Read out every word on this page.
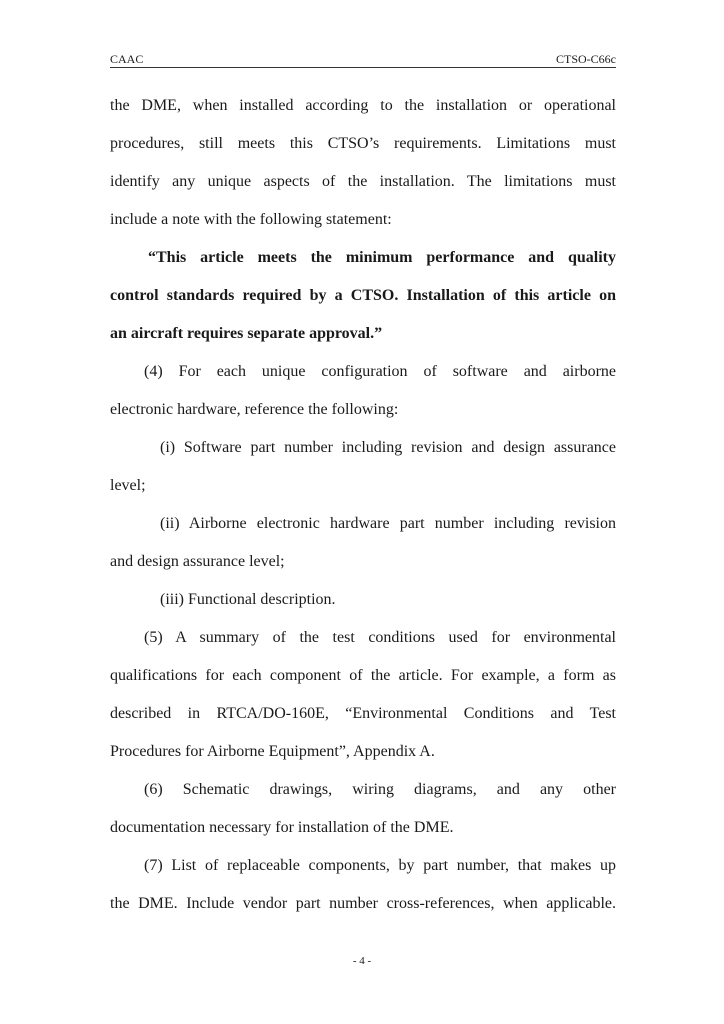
CAAC	CTSO-C66c
the DME, when installed according to the installation or operational
procedures, still meets this CTSO’s requirements. Limitations must
identify any unique aspects of the installation. The limitations must
include a note with the following statement:
“This article meets the minimum performance and quality
control standards required by a CTSO. Installation of this article on
an aircraft requires separate approval.”
(4) For each unique configuration of software and airborne
electronic hardware, reference the following:
(i) Software part number including revision and design assurance
level;
(ii) Airborne electronic hardware part number including revision
and design assurance level;
(iii) Functional description.
(5) A summary of the test conditions used for environmental
qualifications for each component of the article. For example, a form as
described in RTCA/DO-160E, “Environmental Conditions and Test
Procedures for Airborne Equipment”, Appendix A.
(6) Schematic drawings, wiring diagrams, and any other
documentation necessary for installation of the DME.
(7) List of replaceable components, by part number, that makes up
the DME. Include vendor part number cross-references, when applicable.
- 4 -
